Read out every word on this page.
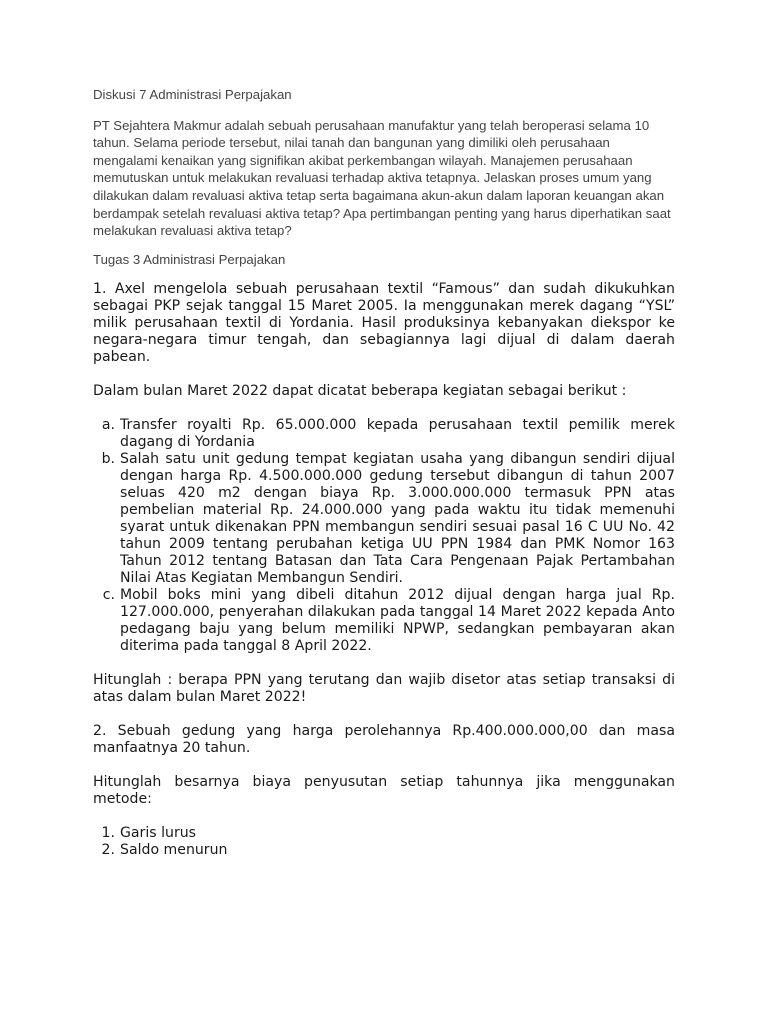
Diskusi 7 Administrasi Perpajakan

PT Sejahtera Makmur adalah sebuah perusahaan manufaktur yang telah beroperasi selama 10 tahun. Selama periode tersebut, nilai tanah dan bangunan yang dimiliki oleh perusahaan mengalami kenaikan yang signifikan akibat perkembangan wilayah. Manajemen perusahaan memutuskan untuk melakukan revaluasi terhadap aktiva tetapnya. Jelaskan proses umum yang dilakukan dalam revaluasi aktiva tetap serta bagaimana akun-akun dalam laporan keuangan akan berdampak setelah revaluasi aktiva tetap? Apa pertimbangan penting yang harus diperhatikan saat melakukan revaluasi aktiva tetap?

Tugas 3 Administrasi Perpajakan

1. Axel mengelola sebuah perusahaan textil “Famous” dan sudah dikukuhkan sebagai PKP sejak tanggal 15 Maret 2005. Ia menggunakan merek dagang “YSL” milik perusahaan textil di Yordania. Hasil produksinya kebanyakan diekspor ke negara-negara timur tengah, dan sebagiannya lagi dijual di dalam daerah pabean.

Dalam bulan Maret 2022 dapat dicatat beberapa kegiatan sebagai berikut :

a. Transfer royalti Rp. 65.000.000 kepada perusahaan textil pemilik merek dagang di Yordania
b. Salah satu unit gedung tempat kegiatan usaha yang dibangun sendiri dijual dengan harga Rp. 4.500.000.000 gedung tersebut dibangun di tahun 2007 seluas 420 m2 dengan biaya Rp. 3.000.000.000 termasuk PPN atas pembelian material Rp. 24.000.000 yang pada waktu itu tidak memenuhi syarat untuk dikenakan PPN membangun sendiri sesuai pasal 16 C UU No. 42 tahun 2009 tentang perubahan ketiga UU PPN 1984 dan PMK Nomor 163 Tahun 2012 tentang Batasan dan Tata Cara Pengenaan Pajak Pertambahan Nilai Atas Kegiatan Membangun Sendiri.
c. Mobil boks mini yang dibeli ditahun 2012 dijual dengan harga jual Rp. 127.000.000, penyerahan dilakukan pada tanggal 14 Maret 2022 kepada Anto pedagang baju yang belum memiliki NPWP, sedangkan pembayaran akan diterima pada tanggal 8 April 2022.

Hitunglah : berapa PPN yang terutang dan wajib disetor atas setiap transaksi di atas dalam bulan Maret 2022!

2. Sebuah gedung yang harga perolehannya Rp.400.000.000,00 dan masa manfaatnya 20 tahun.

Hitunglah besarnya biaya penyusutan setiap tahunnya jika menggunakan metode:

1. Garis lurus
2. Saldo menurun
